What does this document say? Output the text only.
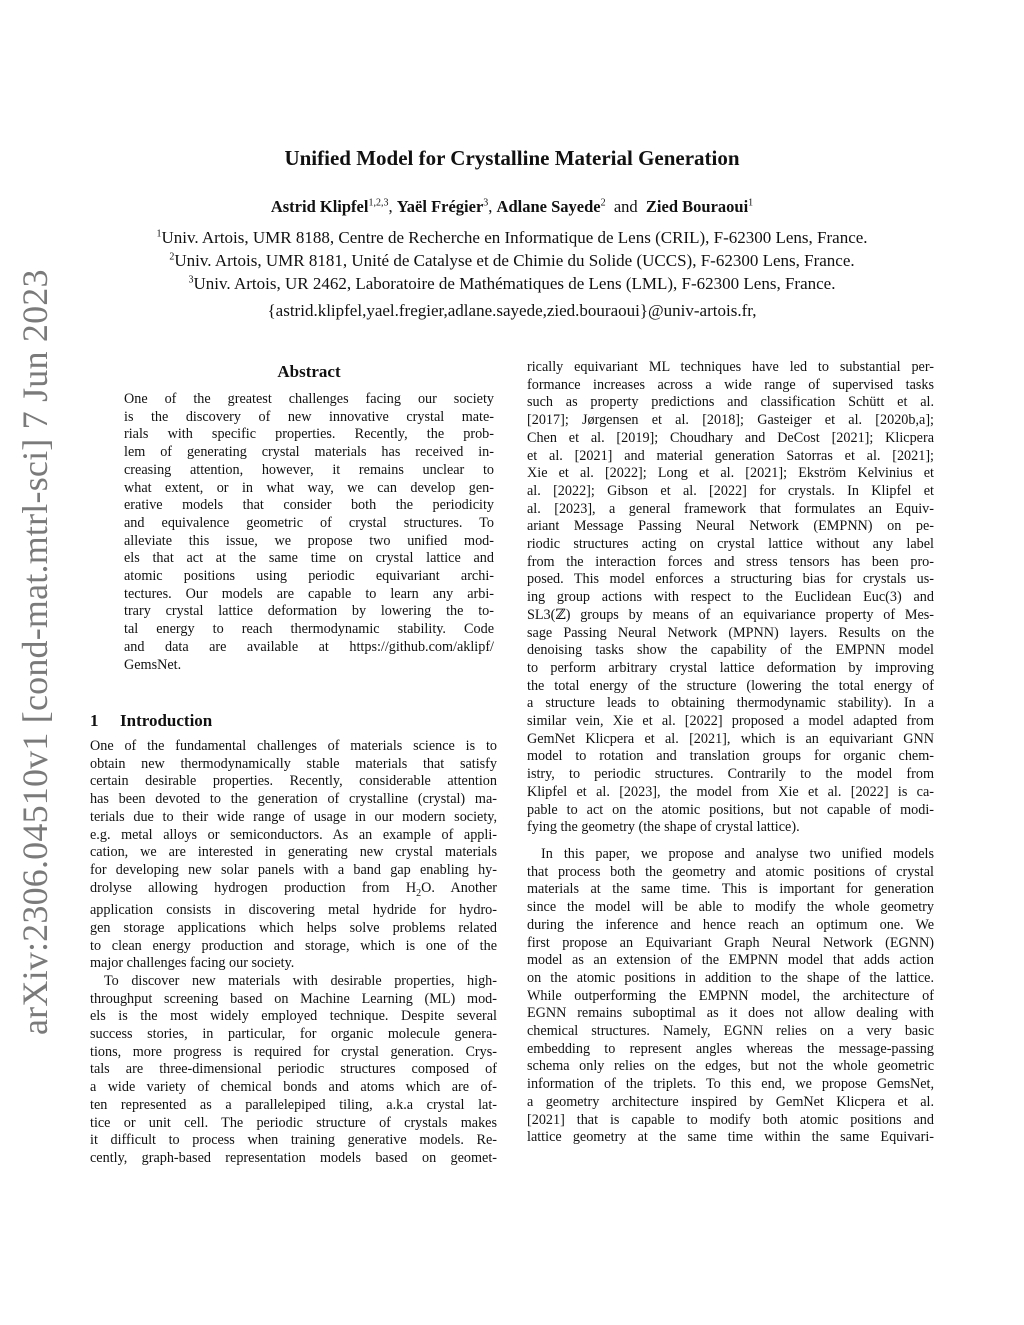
arXiv:2306.04510v1 [cond-mat.mtrl-sci] 7 Jun 2023
Unified Model for Crystalline Material Generation
Astrid Klipfel$^{1,2,3}$, Yaël Frégier$^3$, Adlane Sayede$^2$ and Zied Bouraoui$^1$
$^1$Univ. Artois, UMR 8188, Centre de Recherche en Informatique de Lens (CRIL), F-62300 Lens, France.
$^2$Univ. Artois, UMR 8181, Unité de Catalyse et de Chimie du Solide (UCCS), F-62300 Lens, France.
$^3$Univ. Artois, UR 2462, Laboratoire de Mathématiques de Lens (LML), F-62300 Lens, France.
{astrid.klipfel,yael.fregier,adlane.sayede,zied.bouraoui}@univ-artois.fr,
Abstract

One of the greatest challenges facing our society
is the discovery of new innovative crystal mate-
rials with specific properties. Recently, the prob-
lem of generating crystal materials has received in-
creasing attention, however, it remains unclear to
what extent, or in what way, we can develop gen-
erative models that consider both the periodicity
and equivalence geometric of crystal structures. To
alleviate this issue, we propose two unified mod-
els that act at the same time on crystal lattice and
atomic positions using periodic equivariant archi-
tectures. Our models are capable to learn any arbi-
trary crystal lattice deformation by lowering the to-
tal energy to reach thermodynamic stability. Code
and data are available at https://github.com/aklipf/
GemsNet.

1 Introduction

One of the fundamental challenges of materials science is to
obtain new thermodynamically stable materials that satisfy
certain desirable properties. Recently, considerable attention
has been devoted to the generation of crystalline (crystal) ma-
terials due to their wide range of usage in our modern society,
e.g. metal alloys or semiconductors. As an example of appli-
cation, we are interested in generating new crystal materials
for developing new solar panels with a band gap enabling hy-
drolyse allowing hydrogen production from $H_2O$. Another
application consists in discovering metal hydride for hydro-
gen storage applications which helps solve problems related
to clean energy production and storage, which is one of the
major challenges facing our society.

To discover new materials with desirable properties, high-
throughput screening based on Machine Learning (ML) mod-
els is the most widely employed technique. Despite several
success stories, in particular, for organic molecule genera-
tions, more progress is required for crystal generation. Crys-
tals are three-dimensional periodic structures composed of
a wide variety of chemical bonds and atoms which are of-
ten represented as a parallelepiped tiling, a.k.a crystal lat-
tice or unit cell. The periodic structure of crystals makes
it difficult to process when training generative models. Re-
cently, graph-based representation models based on geomet-

rically equivariant ML techniques have led to substantial per-
formance increases across a wide range of supervised tasks
such as property predictions and classification Schütt et al.
[2017]; Jørgensen et al. [2018]; Gasteiger et al. [2020b,a];
Chen et al. [2019]; Choudhary and DeCost [2021]; Klicpera
et al. [2021] and material generation Satorras et al. [2021];
Xie et al. [2022]; Long et al. [2021]; Ekström Kelvinius et
al. [2022]; Gibson et al. [2022] for crystals. In Klipfel et
al. [2023], a general framework that formulates an Equiv-
ariant Message Passing Neural Network (EMPNN) on pe-
riodic structures acting on crystal lattice without any label
from the interaction forces and stress tensors has been pro-
posed. This model enforces a structuring bias for crystals us-
ing group actions with respect to the Euclidean Euc(3) and
SL3(ℤ) groups by means of an equivariance property of Mes-
sage Passing Neural Network (MPNN) layers. Results on the
denoising tasks show the capability of the EMPNN model
to perform arbitrary crystal lattice deformation by improving
the total energy of the structure (lowering the total energy of
a structure leads to obtaining thermodynamic stability). In a
similar vein, Xie et al. [2022] proposed a model adapted from
GemNet Klicpera et al. [2021], which is an equivariant GNN
model to rotation and translation groups for organic chem-
istry, to periodic structures. Contrarily to the model from
Klipfel et al. [2023], the model from Xie et al. [2022] is ca-
pable to act on the atomic positions, but not capable of modi-
fying the geometry (the shape of crystal lattice).

In this paper, we propose and analyse two unified models
that process both the geometry and atomic positions of crystal
materials at the same time. This is important for generation
since the model will be able to modify the whole geometry
during the inference and hence reach an optimum one. We
first propose an Equivariant Graph Neural Network (EGNN)
model as an extension of the EMPNN model that adds action
on the atomic positions in addition to the shape of the lattice.
While outperforming the EMPNN model, the architecture of
EGNN remains suboptimal as it does not allow dealing with
chemical structures. Namely, EGNN relies on a very basic
embedding to represent angles whereas the message-passing
schema only relies on the edges, but not the whole geometric
information of the triplets. To this end, we propose GemsNet,
a geometry architecture inspired by GemNet Klicpera et al.
[2021] that is capable to modify both atomic positions and
lattice geometry at the same time within the same Equivari-
